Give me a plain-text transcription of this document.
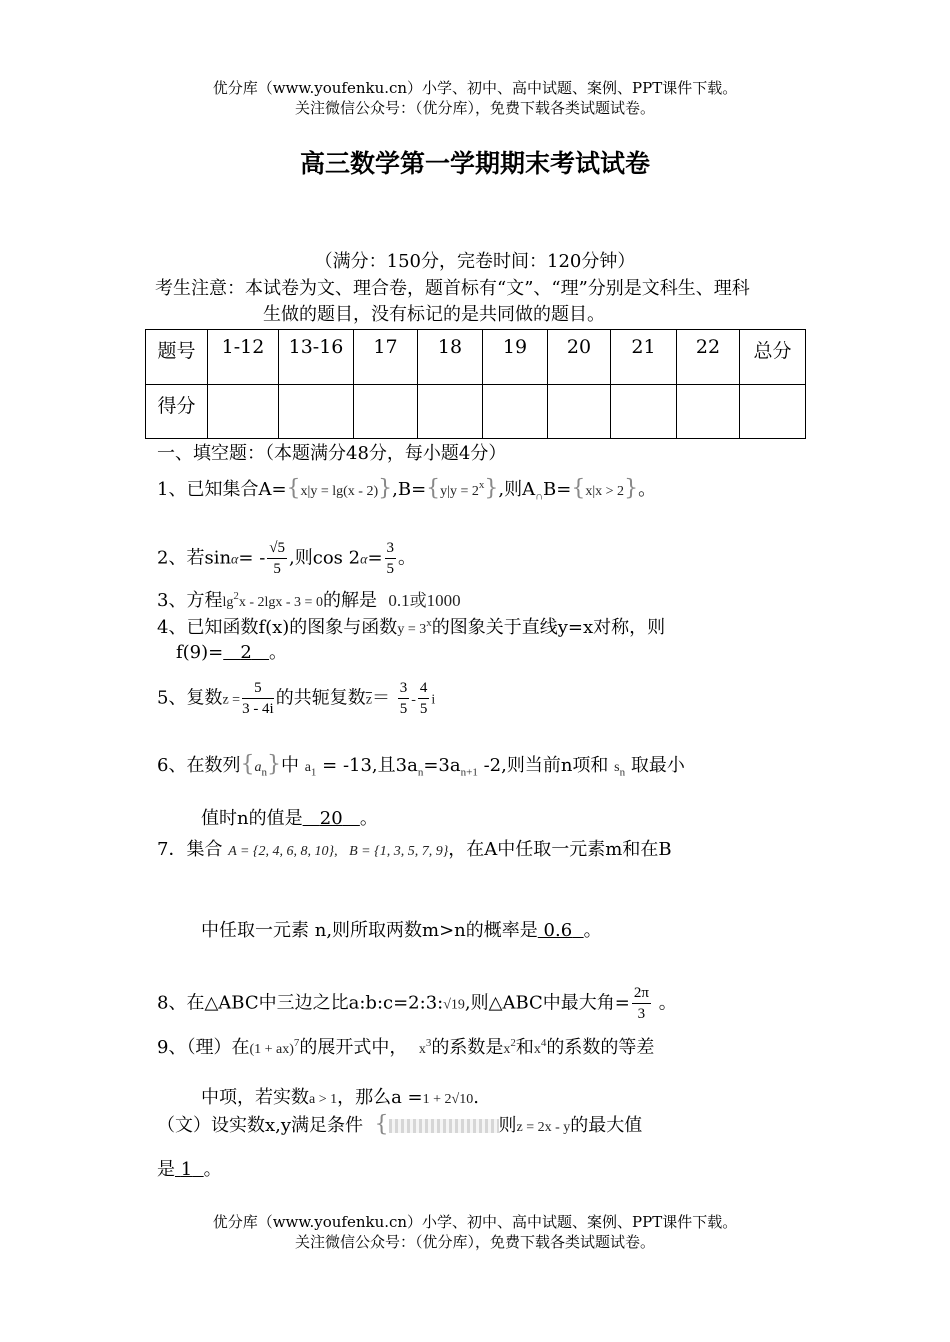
优分库（www.youfenku.cn）小学、初中、高中试题、案例、PPT课件下载。
关注微信公众号：（优分库），免费下载各类试题试卷。
高三数学第一学期期末考试试卷
（满分：150分，完卷时间：120分钟）
考生注意：本试卷为文、理合卷，题首标有“文”、“理”分别是文科生、理科
生做的题目，没有标记的是共同做的题目。
题号	1-12	13-16	17	18	19	20	21	22	总分
得分									
一、填空题：（本题满分48分，每小题4分）
1、已知集合$A=\{x|y = \lg(x - 2)\},B=\{y|y = 2^x\}$,则$A_\cap B=\{x|x > 2\}$。
2、若$\sin\alpha= - \frac{√5}{5}$ ,则$\cos 2\alpha= \frac{3}{5}$ 。
3、方程$\lg^2x - 2\lg x - 3 = 0$的解是 0.1或1000
4、已知函数f(x)的图象与函数$y = 3^x$的图象关于直线y=x对称，则
f(9)= 2 。
5、复数$z = \frac{5}{3 - 4i}$ 的共轭复数$\overline{z}= \frac{3}{5} - \frac{4}{5}$ i
6、在数列$\{a_n\}$中 $a_1 = -13$,且$3a_n=3a_{n+1}$ -2,则当前n项和 $s_n$ 取最小
值时n的值是 20 。
7．集合 A = {2, 4, 6, 8, 10}, B = {1, 3, 5, 7, 9}，在A中任取一元素m和在B
中任取一元素 n,则所取两数m>n的概率是 0.6 。
8、在△ABC中三边之比a:b:c=2:3:√19,则△ABC中最大角= $\frac{2\pi}{3}$ 。
9、（理）在(1 + ax)$^7$的展开式中， $x^3$的系数是$x^2$和$x^4$的系数的等差
中项，若实数a > 1，那么a =1 + 2√10.
（文）设实数x,y满足条件 {	则z = 2x - y的最大值
是 1 。
优分库（www.youfenku.cn）小学、初中、高中试题、案例、PPT课件下载。
关注微信公众号：（优分库），免费下载各类试题试卷。
